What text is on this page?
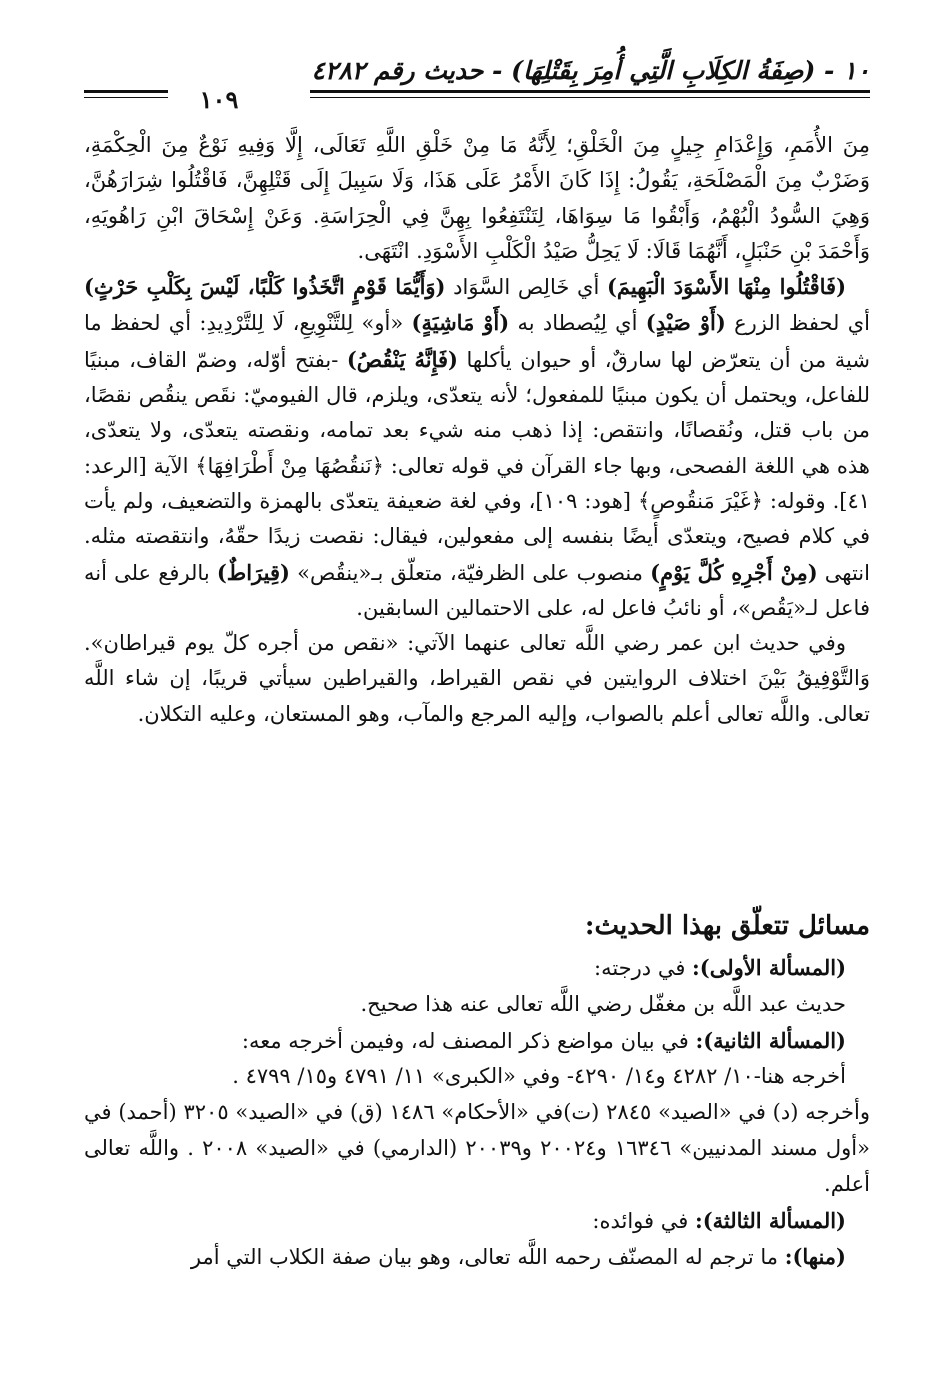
١٠ - (صِفَةُ الكِلَابِ الَّتِي أُمِرَ بِقَتْلِهَا) - حديث رقم ٤٢٨٢
١٠٩

مِنَ الأُمَمِ، وَإِعْدَامِ جِيلٍ مِنَ الْخَلْقِ؛ لِأَنَّهُ مَا مِنْ خَلْقِ اللَّهِ تَعَالَى، إِلَّا وَفِيهِ نَوْعٌ مِنَ الْحِكْمَةِ، وَضَرْبٌ مِنَ الْمَصْلَحَةِ، يَقُولُ: إِذَا كَانَ الأَمْرُ عَلَى هَذَا، وَلَا سَبِيلَ إِلَى قَتْلِهِنَّ، فَاقْتُلُوا شِرَارَهُنَّ، وَهِيَ السُّودُ الْبُهْمُ، وَأَبْقُوا مَا سِوَاهَا، لِتَنْتَفِعُوا بِهِنَّ فِي الْحِرَاسَةِ. وَعَنْ إِسْحَاقَ ابْنِ رَاهُويَهِ، وَأَحْمَدَ بْنِ حَنْبَلٍ، أَنَّهُمَا قَالَا: لَا يَحِلُّ صَيْدُ الْكَلْبِ الأَسْوَدِ. انْتَهَى.

(فَاقْتُلُوا مِنْهَا الأَسْوَدَ الْبَهِيمَ) أي خَالِص السَّوَاد (وَأَيُّمَا قَوْمٍ اتَّخَذُوا كَلْبًا، لَيْسَ بِكَلْبِ حَرْثٍ) أي لحفظ الزرع (أَوْ صَيْدٍ) أي لِيُصطاد به (أَوْ مَاشِيَةٍ) «أو» لِلتَّنْوِيعِ، لَا لِلتَّرْدِيدِ: أي لحفظ ما شية من أن يتعرّض لها سارقٌ، أو حيوان يأكلها (فَإِنَّهُ يَنْقُصُ) -بفتح أوّله، وضمّ القاف، مبنيًا للفاعل، ويحتمل أن يكون مبنيًا للمفعول؛ لأنه يتعدّى، ويلزم، قال الفيوميّ: نقَص ينقُص نقصًا، من باب قتل، ونُقصانًا، وانتقص: إذا ذهب منه شيء بعد تمامه، ونقصته يتعدّى، ولا يتعدّى، هذه هي اللغة الفصحى، وبها جاء القرآن في قوله تعالى: ﴿نَنقُصُهَا مِنْ أَطْرَافِهَا﴾ الآية [الرعد: ٤١]. وقوله: ﴿غَيْرَ مَنقُوصٍ﴾ [هود: ١٠٩]، وفي لغة ضعيفة يتعدّى بالهمزة والتضعيف، ولم يأت في كلام فصيح، ويتعدّى أيضًا بنفسه إلى مفعولين، فيقال: نقصت زيدًا حقّهُ، وانتقصته مثله. انتهى (مِنْ أَجْرِهِ كُلَّ يَوْمٍ) منصوب على الظرفيّة، متعلّق بـ«ينقُص» (قِيرَاطٌ) بالرفع على أنه فاعل لـ«يَقُص»، أو نائبُ فاعل له، على الاحتمالين السابقين.

وفي حديث ابن عمر رضي اللَّه تعالى عنهما الآتي: «نقص من أجره كلّ يوم قيراطان». وَالتَّوْفِيقُ بَيْنَ اختلاف الروايتين في نقص القيراط، والقيراطين سيأتي قريبًا، إن شاء اللَّه تعالى. واللَّه تعالى أعلم بالصواب، وإليه المرجع والمآب، وهو المستعان، وعليه التكلان.

مسائل تتعلّق بهذا الحديث:

(المسألة الأولى): في درجته:

حديث عبد اللَّه بن مغفّل رضي اللَّه تعالى عنه هذا صحيح.

(المسألة الثانية): في بيان مواضع ذكر المصنف له، وفيمن أخرجه معه:

أخرجه هنا-١٠/ ٤٢٨٢ و١٤/ ٤٢٩٠- وفي «الكبرى» ١١/ ٤٧٩١ و١٥/ ٤٧٩٩ .

وأخرجه (د) في «الصيد» ٢٨٤٥ (ت)في «الأحكام» ١٤٨٦ (ق) في «الصيد» ٣٢٠٥ (أحمد) في «أول مسند المدنيين» ١٦٣٤٦ و٢٠٠٢٤ و٢٠٠٣٩ (الدارمي) في «الصيد» ٢٠٠٨ . واللَّه تعالى أعلم.

(المسألة الثالثة): في فوائده:

(منها): ما ترجم له المصنّف رحمه اللَّه تعالى، وهو بيان صفة الكلاب التي أمر
